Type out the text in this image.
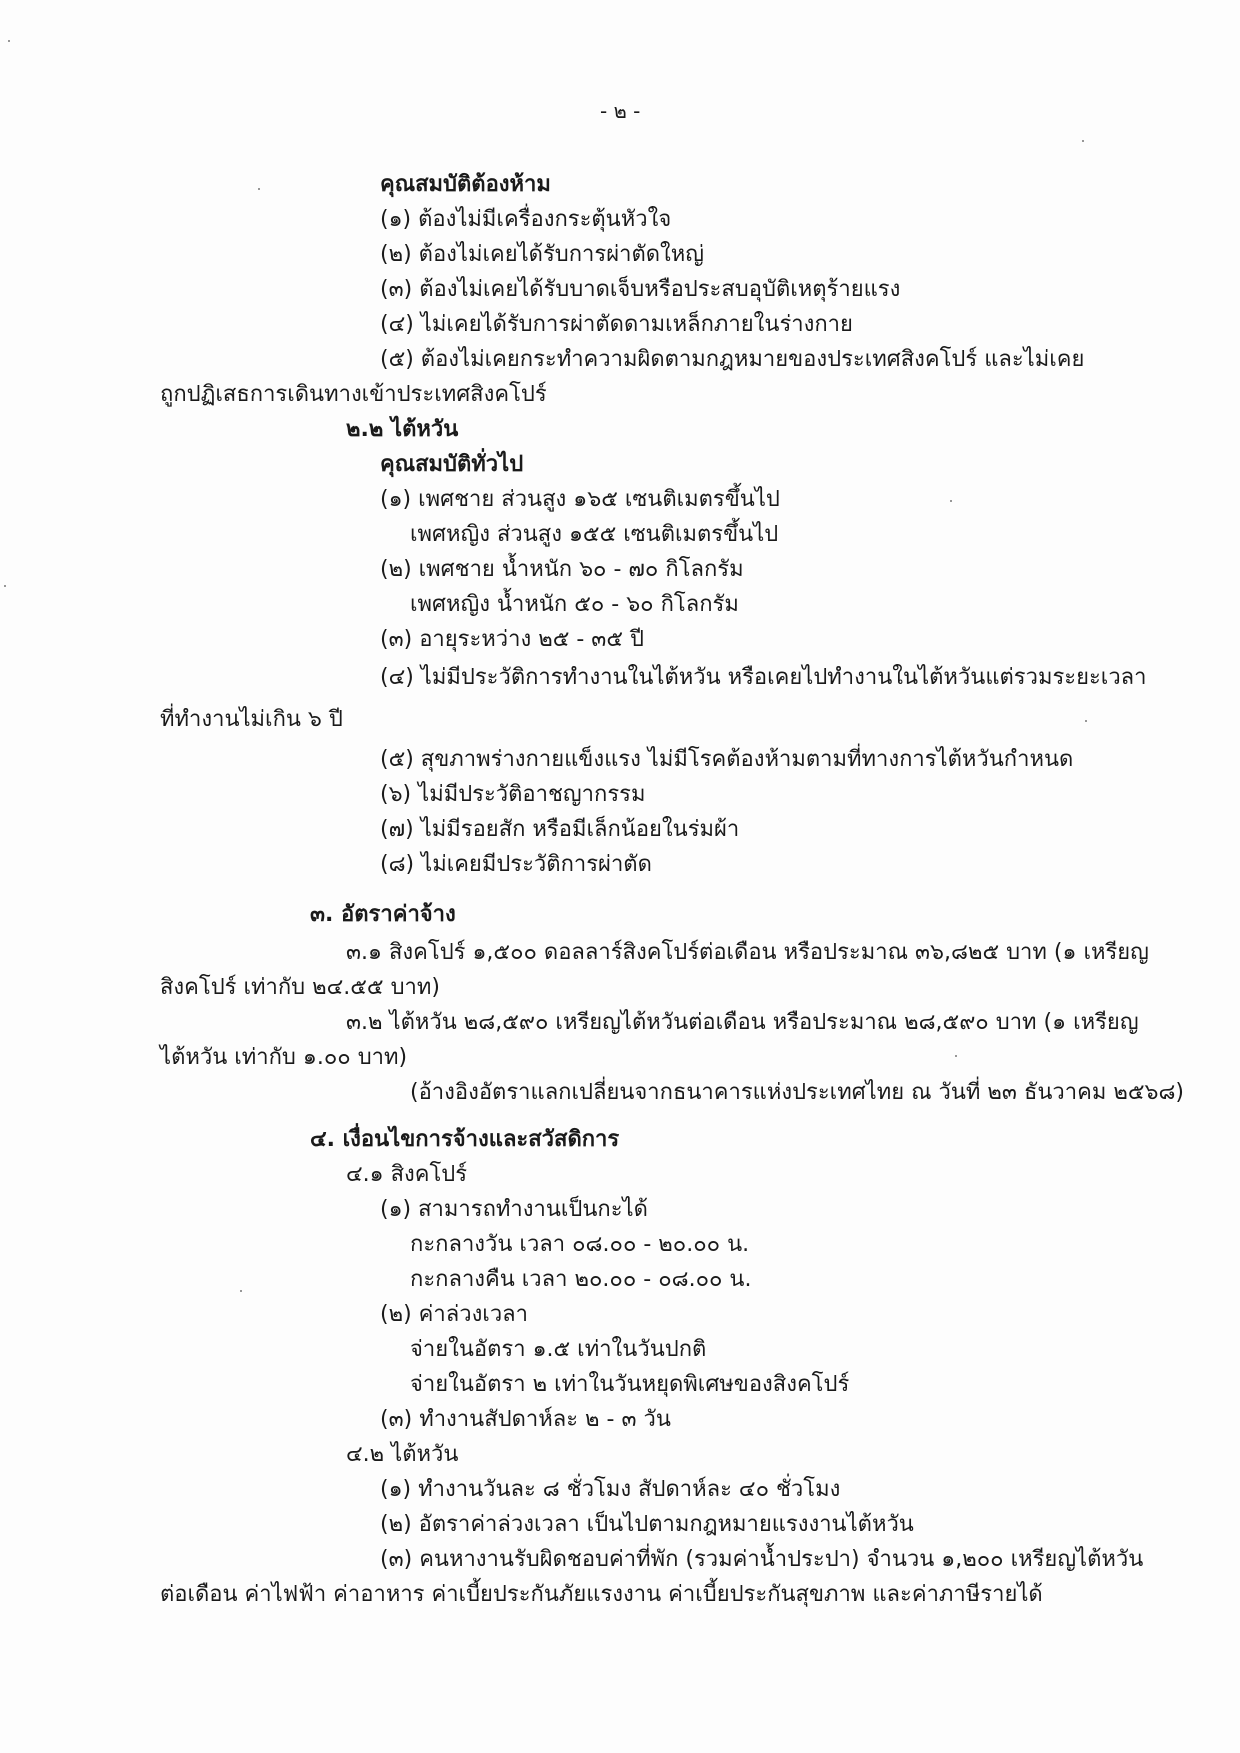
- ๒ -
คุณสมบัติต้องห้าม
(๑) ต้องไม่มีเครื่องกระตุ้นหัวใจ
(๒) ต้องไม่เคยได้รับการผ่าตัดใหญ่
(๓) ต้องไม่เคยได้รับบาดเจ็บหรือประสบอุบัติเหตุร้ายแรง
(๔) ไม่เคยได้รับการผ่าตัดดามเหล็กภายในร่างกาย
(๕) ต้องไม่เคยกระทำความผิดตามกฎหมายของประเทศสิงคโปร์ และไม่เคย
ถูกปฏิเสธการเดินทางเข้าประเทศสิงคโปร์
๒.๒ ไต้หวัน
คุณสมบัติทั่วไป
(๑) เพศชาย ส่วนสูง ๑๖๕ เซนติเมตรขึ้นไป
เพศหญิง ส่วนสูง ๑๕๕ เซนติเมตรขึ้นไป
(๒) เพศชาย น้ำหนัก ๖๐ - ๗๐ กิโลกรัม
เพศหญิง น้ำหนัก ๕๐ - ๖๐ กิโลกรัม
(๓) อายุระหว่าง ๒๕ - ๓๕ ปี
(๔) ไม่มีประวัติการทำงานในไต้หวัน หรือเคยไปทำงานในไต้หวันแต่รวมระยะเวลา
ที่ทำงานไม่เกิน ๖ ปี
(๕) สุขภาพร่างกายแข็งแรง ไม่มีโรคต้องห้ามตามที่ทางการไต้หวันกำหนด
(๖) ไม่มีประวัติอาชญากรรม
(๗) ไม่มีรอยสัก หรือมีเล็กน้อยในร่มผ้า
(๘) ไม่เคยมีประวัติการผ่าตัด
๓. อัตราค่าจ้าง
๓.๑ สิงคโปร์ ๑,๕๐๐ ดอลลาร์สิงคโปร์ต่อเดือน หรือประมาณ ๓๖,๘๒๕ บาท (๑ เหรียญ
สิงคโปร์ เท่ากับ ๒๔.๕๕ บาท)
๓.๒ ไต้หวัน ๒๘,๕๙๐ เหรียญไต้หวันต่อเดือน หรือประมาณ ๒๘,๕๙๐ บาท (๑ เหรียญ
ไต้หวัน เท่ากับ ๑.๐๐ บาท)
(อ้างอิงอัตราแลกเปลี่ยนจากธนาคารแห่งประเทศไทย ณ วันที่ ๒๓ ธันวาคม ๒๕๖๘)
๔. เงื่อนไขการจ้างและสวัสดิการ
๔.๑ สิงคโปร์
(๑) สามารถทำงานเป็นกะได้
กะกลางวัน เวลา ๐๘.๐๐ - ๒๐.๐๐ น.
กะกลางคืน เวลา ๒๐.๐๐ - ๐๘.๐๐ น.
(๒) ค่าล่วงเวลา
จ่ายในอัตรา ๑.๕ เท่าในวันปกติ
จ่ายในอัตรา ๒ เท่าในวันหยุดพิเศษของสิงคโปร์
(๓) ทำงานสัปดาห์ละ ๒ - ๓ วัน
๔.๒ ไต้หวัน
(๑) ทำงานวันละ ๘ ชั่วโมง สัปดาห์ละ ๔๐ ชั่วโมง
(๒) อัตราค่าล่วงเวลา เป็นไปตามกฎหมายแรงงานไต้หวัน
(๓) คนหางานรับผิดชอบค่าที่พัก (รวมค่าน้ำประปา) จำนวน ๑,๒๐๐ เหรียญไต้หวัน
ต่อเดือน ค่าไฟฟ้า ค่าอาหาร ค่าเบี้ยประกันภัยแรงงาน ค่าเบี้ยประกันสุขภาพ และค่าภาษีรายได้
